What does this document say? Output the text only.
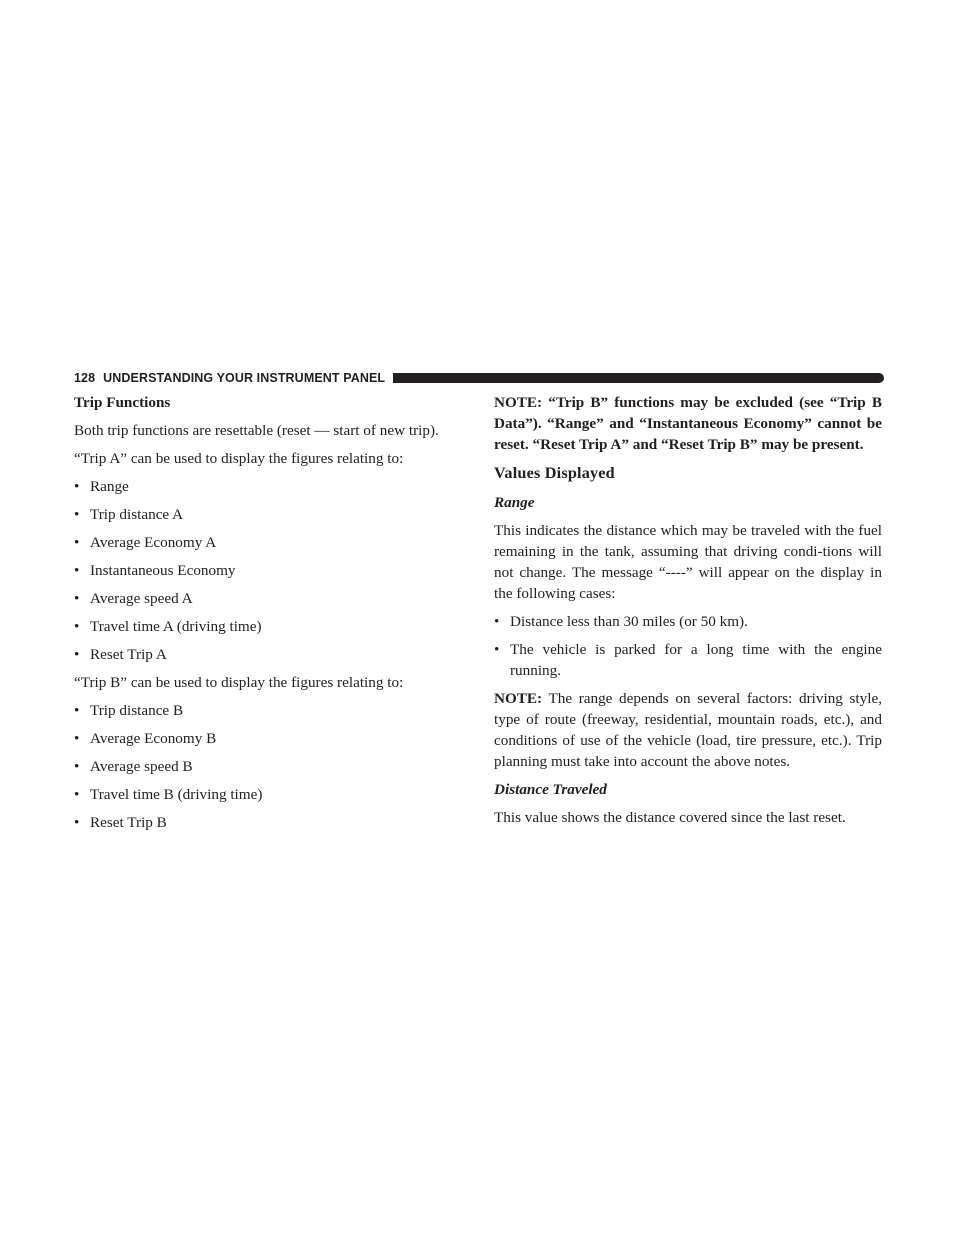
128 UNDERSTANDING YOUR INSTRUMENT PANEL
Trip Functions
Both trip functions are resettable (reset — start of new trip).
“Trip A” can be used to display the figures relating to:
• Range
• Trip distance A
• Average Economy A
• Instantaneous Economy
• Average speed A
• Travel time A (driving time)
• Reset Trip A
“Trip B” can be used to display the figures relating to:
• Trip distance B
• Average Economy B
• Average speed B
• Travel time B (driving time)
• Reset Trip B
NOTE: “Trip B” functions may be excluded (see “Trip B Data”). “Range” and “Instantaneous Economy” cannot be reset. “Reset Trip A” and “Reset Trip B” may be present.
Values Displayed
Range
This indicates the distance which may be traveled with the fuel remaining in the tank, assuming that driving condi-tions will not change. The message “----” will appear on the display in the following cases:
• Distance less than 30 miles (or 50 km).
• The vehicle is parked for a long time with the engine running.
NOTE: The range depends on several factors: driving style, type of route (freeway, residential, mountain roads, etc.), and conditions of use of the vehicle (load, tire pressure, etc.). Trip planning must take into account the above notes.
Distance Traveled
This value shows the distance covered since the last reset.
